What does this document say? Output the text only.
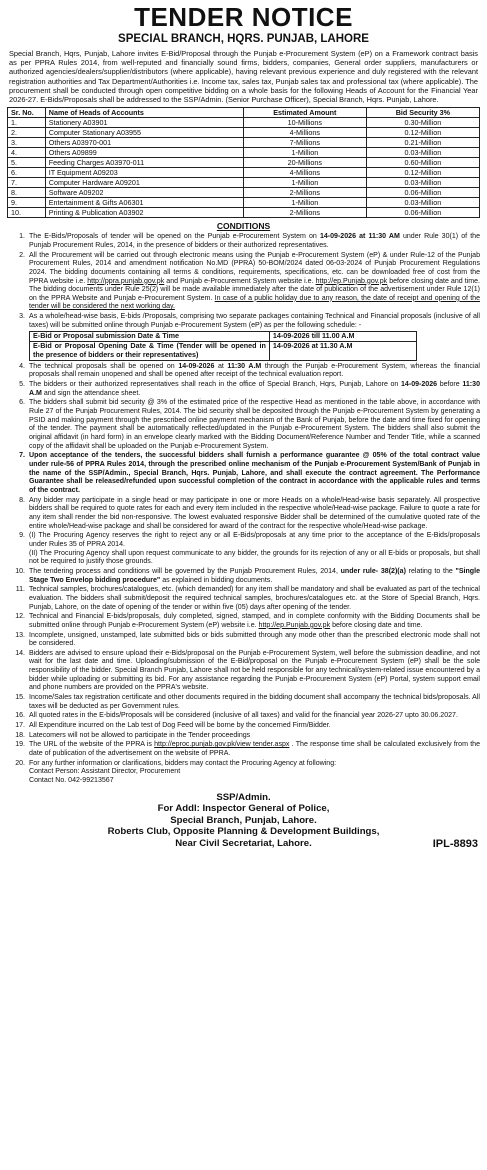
TENDER NOTICE
SPECIAL BRANCH, HQRS. PUNJAB, LAHORE

Special Branch, Hqrs, Punjab, Lahore invites E-Bid/Proposal through the Punjab e-Procurement System (eP) on a Framework contract basis as per PPRA Rules 2014, from well-reputed and financially sound firms, bidders, companies, General order suppliers, manufacturers or authorized agencies/dealers/supplier/distributors (where applicable), having relevant previous experience and duly registered with the relevant registration authorities and Tax Department/Authorities i.e. Income tax, sales tax, Punjab sales tax and professional tax (where applicable). The procurement shall be conducted through open competitive bidding on a whole basis for the following Heads of Account for the Financial Year 2026-27. E-Bids/Proposals shall be addressed to the SSP/Admin. (Senior Purchase Officer), Special Branch, Hqrs. Punjab, Lahore.

Sr. No.	Name of Heads of Accounts	Estimated Amount	Bid Security 3%
1.	Stationery A03901	10-Millions	0.30-Million
2.	Computer Stationary A03955	4-Millions	0.12-Million
3.	Others A03970-001	7-Millions	0.21-Million
4.	Others A09899	1-Million	0.03-Million
5.	Feeding Charges A03970-011	20-Millions	0.60-Million
6.	IT Equipment A09203	4-Millions	0.12-Million
7.	Computer Hardware A09201	1-Million	0.03-Million
8.	Software A09202	2-Millions	0.06-Million
9.	Entertainment & Gifts A06301	1-Million	0.03-Million
10.	Printing & Publication A03902	2-Millions	0.06-Million
CONDITIONS
1. The E-Bids/Proposals of tender will be opened on the Punjab e-Procurement System on 14-09-2026 at 11:30 AM under Rule 30(1) of the Punjab Procurement Rules, 2014, in the presence of bidders or their authorized representatives.
2. All the Procurement will be carried out through electronic means using the Punjab e-Procurement System (eP) & under Rule-12 of the Punjab Procurement Rules, 2014 and amendment notification No.MD (PPRA) 50-BOM/2024 dated 06-03-2024 of Punjab Procurement Regulations 2024. The bidding documents containing all terms & conditions, requirements, specifications, etc. can be downloaded free of cost from the PPRA website i.e. http://ppra.punjab.gov.pk and Punjab e-Procurement System website i.e. http://ep.Punjab.gov.pk before closing date and time. The bidding documents under Rule 25(2) will be made available immediately after the date of publication of the advertisement under Rule 12(1) on the PPRA Website and Punjab e-Procurement System. In case of a public holiday due to any reason, the date of receipt and opening of the tender will be considered the next working day.
3. As a whole/head-wise basis, E-bids /Proposals, comprising two separate packages containing Technical and Financial proposals (inclusive of all taxes) will be submitted online through Punjab e-Procurement System (eP) as per the following schedule: -
E-Bid or Proposal submission Date & Time	14-09-2026 till 11.00 A.M
E-Bid or Proposal Opening Date & Time (Tender will be opened in the presence of bidders or their representatives)	14-09-2026 at 11.30 A.M
4. The technical proposals shall be opened on 14-09-2026 at 11:30 A.M through the Punjab e-Procurement System, whereas the financial proposals shall remain unopened and shall be opened after receipt of the technical evaluation report.
5. The bidders or their authorized representatives shall reach in the office of Special Branch, Hqrs, Punjab, Lahore on 14-09-2026 before 11:30 A.M and sign the attendance sheet.
6. The bidders shall submit bid security @ 3% of the estimated price of the respective Head as mentioned in the table above, in accordance with Rule 27 of the Punjab Procurement Rules, 2014. The bid security shall be deposited through the Punjab e-Procurement System by generating a PSID and making payment through the prescribed online payment mechanism of the Bank of Punjab, before the date and time fixed for opening of the tender. The payment shall be automatically reflected/updated in the Punjab e-Procurement System. The bidders shall also submit the original affidavit (in hard form) in an envelope clearly marked with the Bidding Document/Reference Number and Tender Title, while a scanned copy of the affidavit shall be uploaded on the Punjab e-Procurement System.
7. Upon acceptance of the tenders, the successful bidders shall furnish a performance guarantee @ 05% of the total contract value under rule-56 of PPRA Rules 2014, through the prescribed online mechanism of the Punjab e-Procurement System/Bank of Punjab in the name of the SSP/Admin., Special Branch, Hqrs. Punjab, Lahore, and shall execute the contract agreement. The Performance Guarantee shall be released/refunded upon successful completion of the contract in accordance with the applicable rules and terms of the contract.
8. Any bidder may participate in a single head or may participate in one or more Heads on a whole/Head-wise basis separately. All prospective bidders shall be required to quote rates for each and every item included in the respective whole/Head-wise package. Failure to quote a rate for any item shall render the bid non-responsive. The lowest evaluated responsive Bidder shall be determined of the cumulative quoted rate of the entire whole/Head-wise package and shall be considered for award of the contract for the respective whole/Head-wise package.
9. (I) The Procuring Agency reserves the right to reject any or all E-Bids/proposals at any time prior to the acceptance of the E-Bids/proposals under Rules 35 of PPRA 2014.
(II) The Procuring Agency shall upon request communicate to any bidder, the grounds for its rejection of any or all E-bids or proposals, but shall not be required to justify those grounds.
10. The tendering process and conditions will be governed by the Punjab Procurement Rules, 2014, under rule- 38(2)(a) relating to the "Single Stage Two Envelop bidding procedure" as explained in bidding documents.
11. Technical samples, brochures/catalogues, etc. (which demanded) for any item shall be mandatory and shall be evaluated as part of the technical evaluation. The bidders shall submit/deposit the required technical samples, brochures/catalogues etc. at the Store of Special Branch, Hqrs. Punjab, Lahore, on the date of opening of the tender or within five (05) days after opening of the tender.
12. Technical and Financial E-bids/proposals, duly completed, signed, stamped, and in complete conformity with the Bidding Documents shall be submitted online through Punjab e-Procurement System (eP) website i.e. http://ep.Punjab.gov.pk before closing date and time.
13. Incomplete, unsigned, unstamped, late submitted bids or bids submitted through any mode other than the prescribed electronic mode shall not be considered.
14. Bidders are advised to ensure upload their e-Bids/proposal on the Punjab e-Procurement System, well before the submission deadline, and not wait for the last date and time. Uploading/submission of the E-Bid/proposal on the Punjab e-Procurement System (eP) shall be the sole responsibility of the bidder. Special Branch Punjab, Lahore shall not be held responsible for any technical/system-related issue encountered by a bidder while uploading or submitting its bid. For any assistance regarding the Punjab e-Procurement System (eP) Portal, system support email and phone numbers are provided on the PPRA's website.
15. Income/Sales tax registration certificate and other documents required in the bidding document shall accompany the technical bids/proposals. All taxes will be deducted as per Government rules.
16. All quoted rates in the E-bids/Proposals will be considered (inclusive of all taxes) and valid for the financial year 2026-27 upto 30.06.2027.
17. All Expenditure incurred on the Lab test of Dog Feed will be borne by the concerned Firm/Bidder.
18. Latecomers will not be allowed to participate in the Tender proceedings
19. The URL of the website of the PPRA is http://eproc.punjab.gov.pk/view tender.aspx . The response time shall be calculated exclusively from the date of publication of the advertisement on the website of PPRA.
20. For any further information or clarifications, bidders may contact the Procuring Agency at following:
Contact Person: Assistant Director, Procurement
Contact No. 042-99213567
SSP/Admin.
For Addl: Inspector General of Police,
Special Branch, Punjab, Lahore.
Roberts Club, Opposite Planning & Development Buildings,
Near Civil Secretariat, Lahore.	IPL-8893
